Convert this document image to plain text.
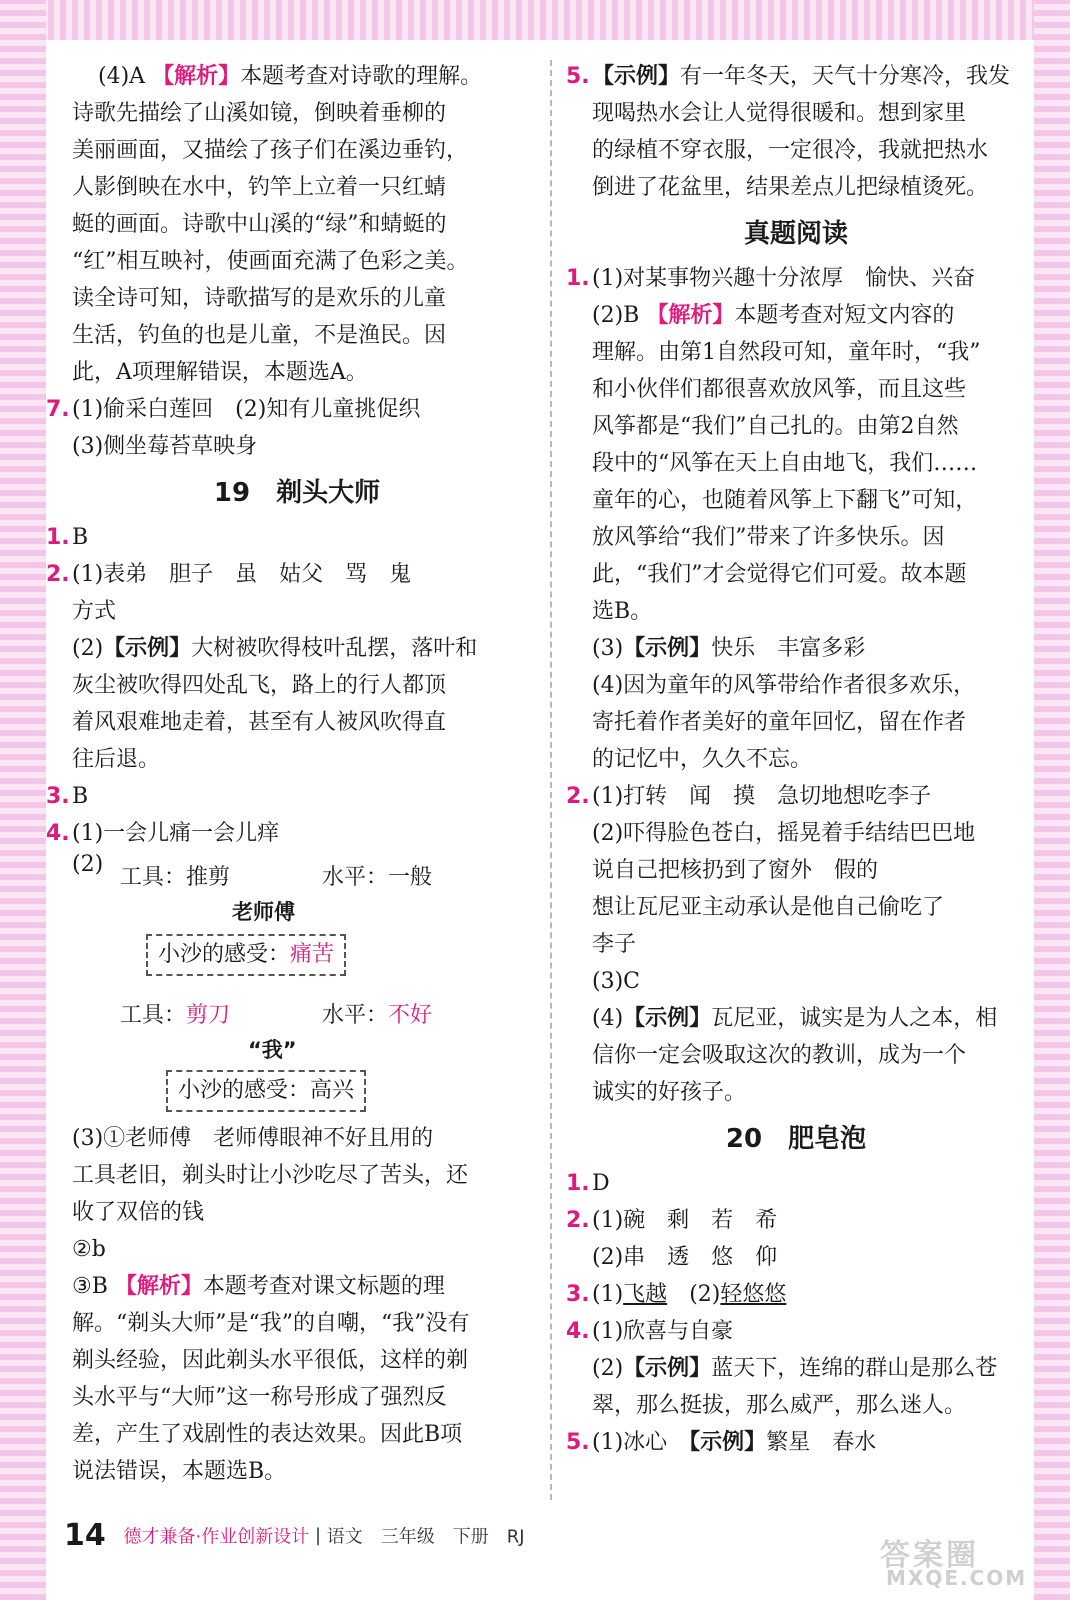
(4)A 【解析】本题考查对诗歌的理解。

诗歌先描绘了山溪如镜，倒映着垂柳的

美丽画面，又描绘了孩子们在溪边垂钓，

人影倒映在水中，钓竿上立着一只红蜻

蜓的画面。诗歌中山溪的“绿”和蜻蜓的

“红”相互映衬，使画面充满了色彩之美。

读全诗可知，诗歌描写的是欢乐的儿童

生活，钓鱼的也是儿童，不是渔民。因

此，A项理解错误，本题选A。

7. (1)偷采白莲回　(2)知有儿童挑促织

(3)侧坐莓苔草映身

19　剃头大师

1. B

2. (1)表弟　胆子　虽　姑父　骂　鬼

方式

(2)【示例】大树被吹得枝叶乱摆，落叶和

灰尘被吹得四处乱飞，路上的行人都顶

着风艰难地走着，甚至有人被风吹得直

往后退。

3. B

4. (1)一会儿痛一会儿痒

(2)
工具：推剪	水平：一般
老师傅
小沙的感受：痛苦
工具：剪刀	水平：不好
“我”
小沙的感受：高兴

(3)①老师傅　老师傅眼神不好且用的

工具老旧，剃头时让小沙吃尽了苦头，还

收了双倍的钱

②b

③B 【解析】本题考查对课文标题的理

解。“剃头大师”是“我”的自嘲，“我”没有

剃头经验，因此剃头水平很低，这样的剃

头水平与“大师”这一称号形成了强烈反

差，产生了戏剧性的表达效果。因此B项

说法错误，本题选B。

5. 【示例】有一年冬天，天气十分寒冷，我发

现喝热水会让人觉得很暖和。想到家里

的绿植不穿衣服，一定很冷，我就把热水

倒进了花盆里，结果差点儿把绿植烫死。

真题阅读

1. (1)对某事物兴趣十分浓厚　愉快、兴奋

(2)B 【解析】本题考查对短文内容的

理解。由第1自然段可知，童年时，“我”

和小伙伴们都很喜欢放风筝，而且这些

风筝都是“我们”自己扎的。由第2自然

段中的“风筝在天上自由地飞，我们……

童年的心，也随着风筝上下翻飞”可知，

放风筝给“我们”带来了许多快乐。因

此，“我们”才会觉得它们可爱。故本题

选B。

(3)【示例】快乐　丰富多彩

(4)因为童年的风筝带给作者很多欢乐，

寄托着作者美好的童年回忆，留在作者

的记忆中，久久不忘。

2. (1)打转　闻　摸　急切地想吃李子

(2)吓得脸色苍白，摇晃着手结结巴巴地

说自己把核扔到了窗外　假的

想让瓦尼亚主动承认是他自己偷吃了

李子

(3)C

(4)【示例】瓦尼亚，诚实是为人之本，相

信你一定会吸取这次的教训，成为一个

诚实的好孩子。

20　肥皂泡

1. D

2. (1)碗　剩　若　希

(2)串　透　悠　仰

3. (1)飞越　(2)轻悠悠

4. (1)欣喜与自豪

(2)【示例】蓝天下，连绵的群山是那么苍

翠，那么挺拔，那么威严，那么迷人。

5. (1)冰心　【示例】繁星　春水

14 德才兼备·作业创新设计 | 语文　三年级　下册　RJ
答案圈
MXQE.COM
